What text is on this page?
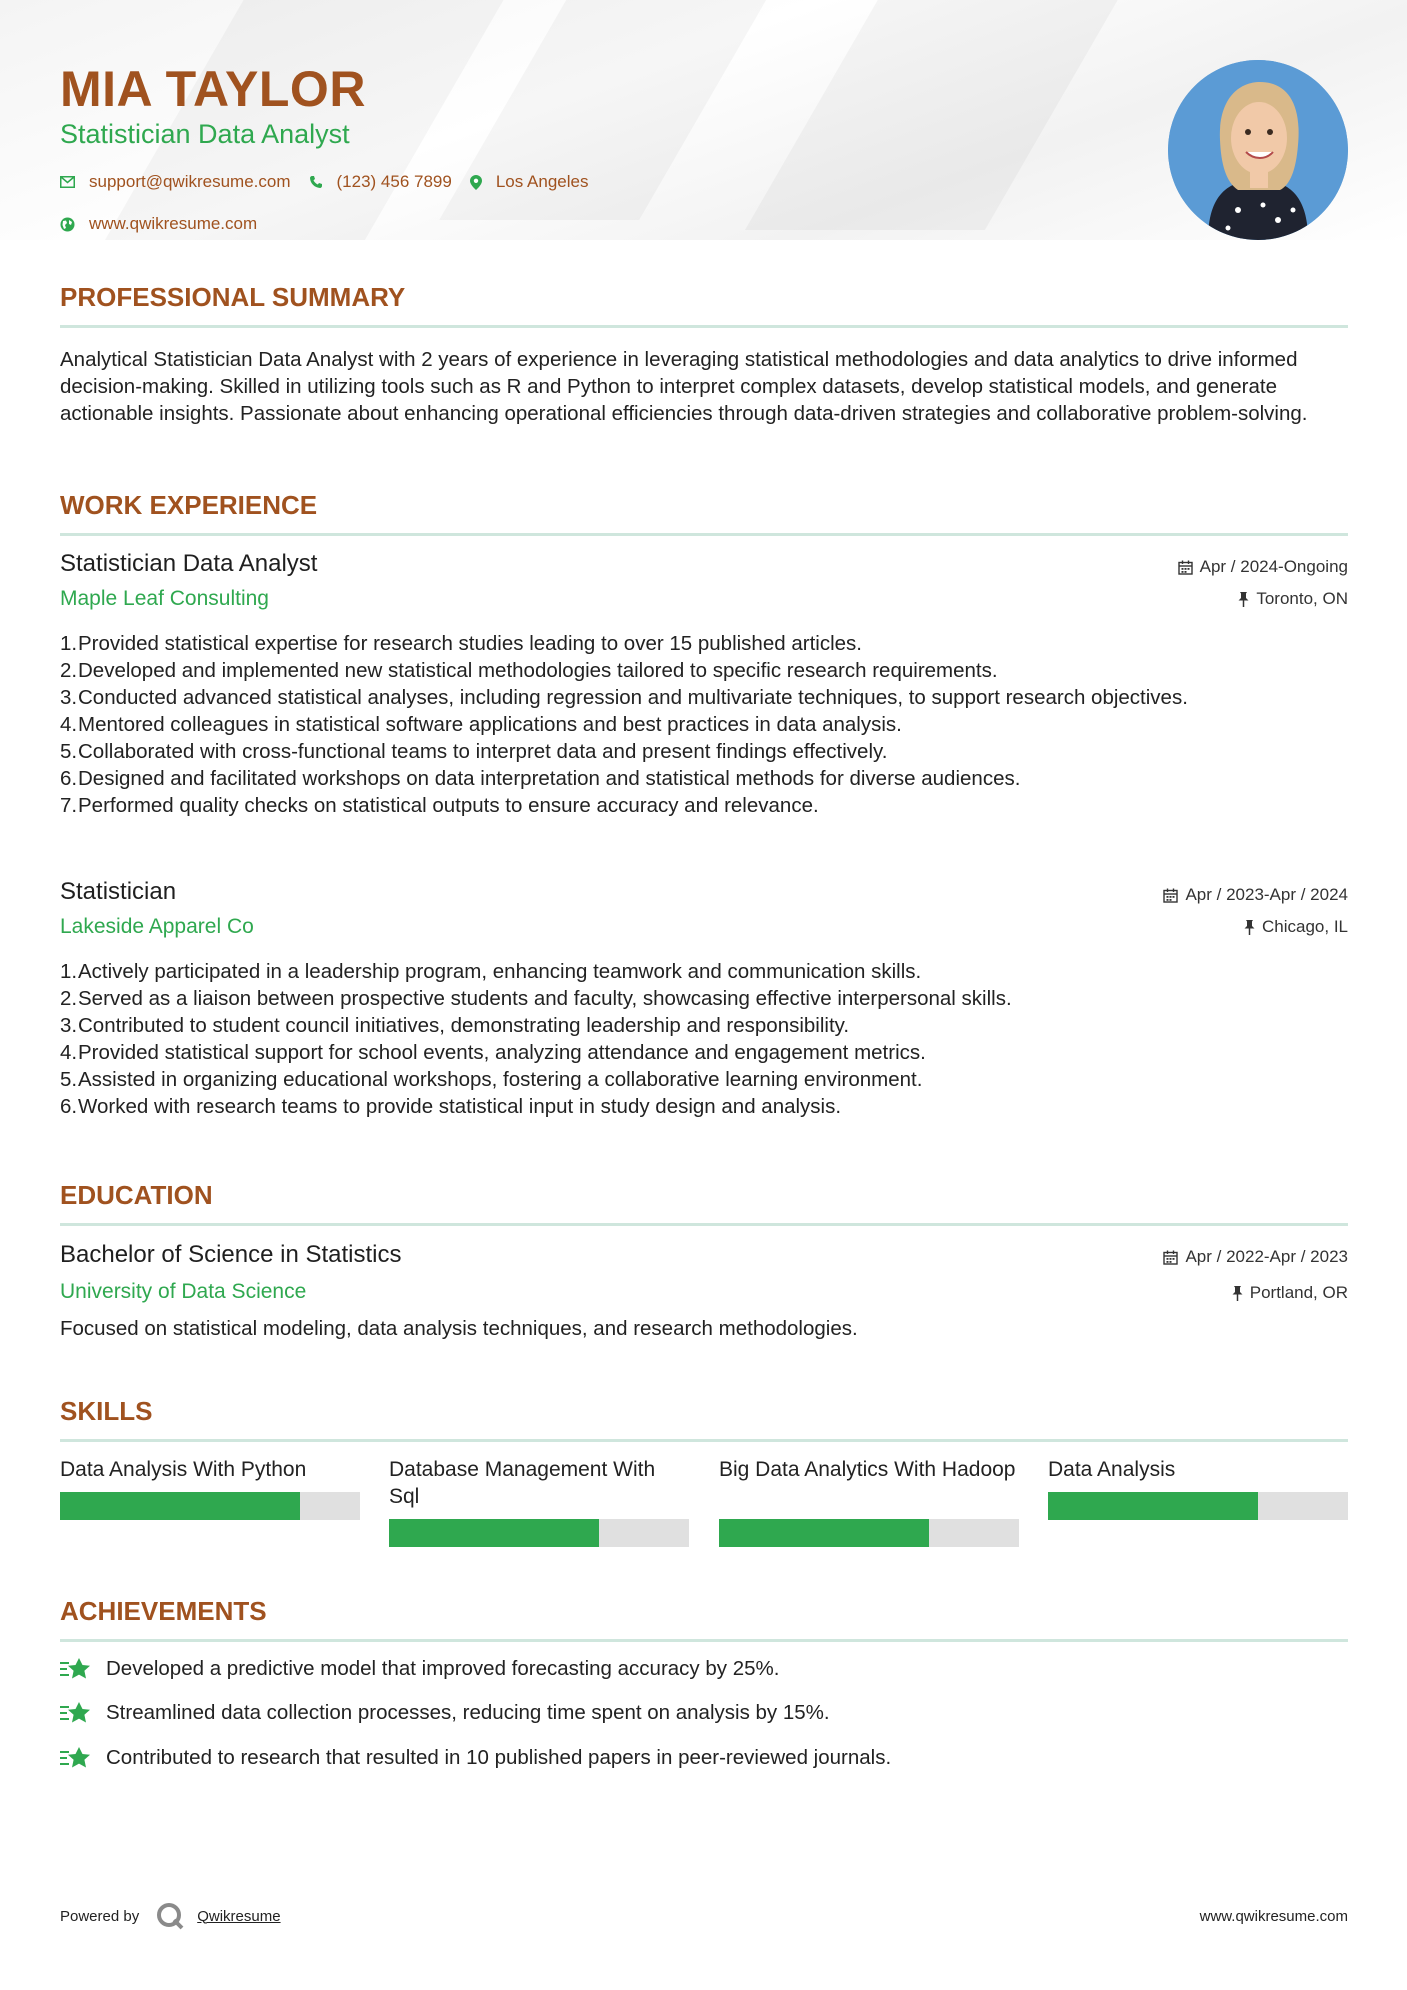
MIA TAYLOR
Statistician Data Analyst
support@qwikresume.com	(123) 456 7899	Los Angeles
www.qwikresume.com
PROFESSIONAL SUMMARY

Analytical Statistician Data Analyst with 2 years of experience in leveraging statistical methodologies and data analytics to drive informed decision-making. Skilled in utilizing tools such as R and Python to interpret complex datasets, develop statistical models, and generate actionable insights. Passionate about enhancing operational efficiencies through data-driven strategies and collaborative problem-solving.

WORK EXPERIENCE
Statistician Data Analyst	Apr / 2024-Ongoing
Maple Leaf Consulting	Toronto, ON
Provided statistical expertise for research studies leading to over 15 published articles.
Developed and implemented new statistical methodologies tailored to specific research requirements.
Conducted advanced statistical analyses, including regression and multivariate techniques, to support research objectives.
Mentored colleagues in statistical software applications and best practices in data analysis.
Collaborated with cross-functional teams to interpret data and present findings effectively.
Designed and facilitated workshops on data interpretation and statistical methods for diverse audiences.
Performed quality checks on statistical outputs to ensure accuracy and relevance.
Statistician	Apr / 2023-Apr / 2024
Lakeside Apparel Co	Chicago, IL
Actively participated in a leadership program, enhancing teamwork and communication skills.
Served as a liaison between prospective students and faculty, showcasing effective interpersonal skills.
Contributed to student council initiatives, demonstrating leadership and responsibility.
Provided statistical support for school events, analyzing attendance and engagement metrics.
Assisted in organizing educational workshops, fostering a collaborative learning environment.
Worked with research teams to provide statistical input in study design and analysis.
EDUCATION
Bachelor of Science in Statistics	Apr / 2022-Apr / 2023
University of Data Science	Portland, OR

Focused on statistical modeling, data analysis techniques, and research methodologies.

SKILLS
Data Analysis With Python	Database Management With Sql
Big Data Analytics With Hadoop Data Analysis
ACHIEVEMENTS
Developed a predictive model that improved forecasting accuracy by 25%.
Streamlined data collection processes, reducing time spent on analysis by 15%.
Contributed to research that resulted in 10 published papers in peer-reviewed journals.
Powered by	Qwikresume	www.qwikresume.com
